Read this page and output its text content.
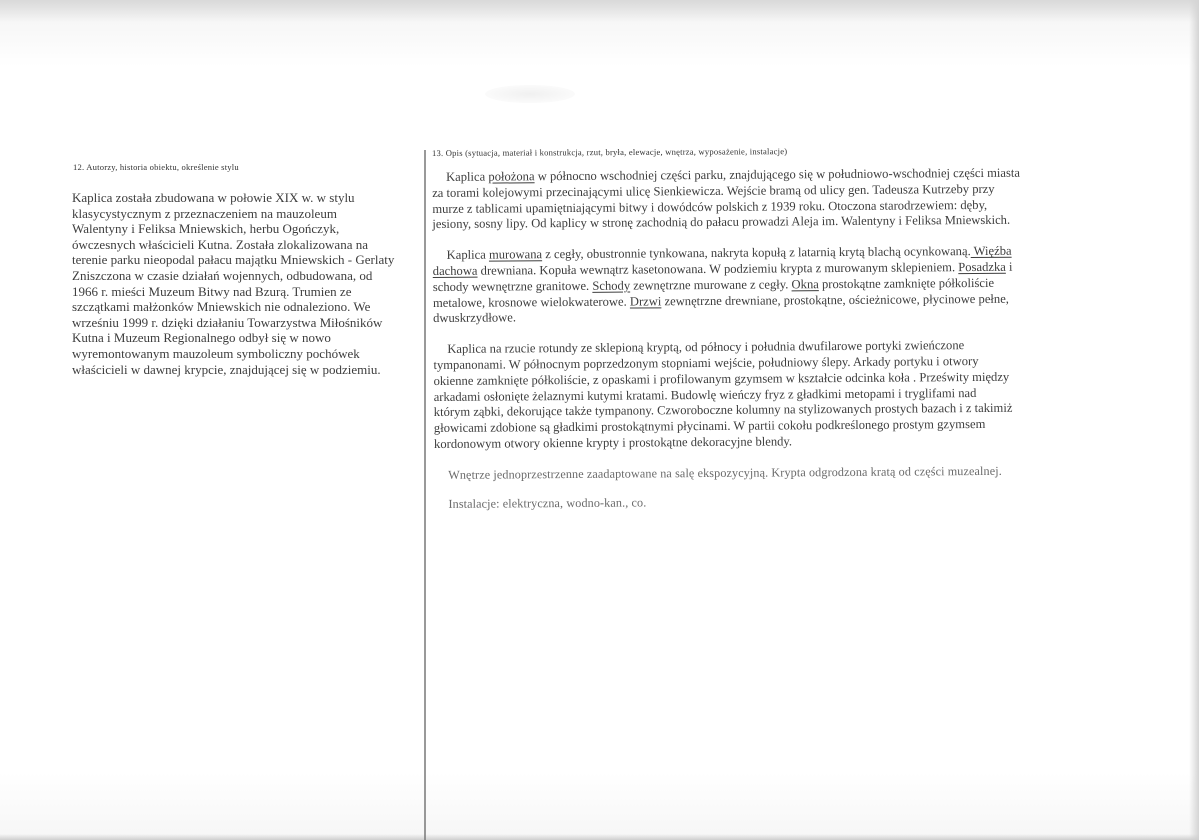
12. Autorzy, historia obiektu, określenie stylu
Kaplica została zbudowana w połowie XIX w. w stylu
klasycystycznym z przeznaczeniem na mauzoleum
Walentyny i Feliksa Mniewskich, herbu Ogończyk,
ówczesnych właścicieli Kutna. Została zlokalizowana na
terenie parku nieopodal pałacu majątku Mniewskich - Gerlaty
Zniszczona w czasie działań wojennych, odbudowana, od
1966 r. mieści Muzeum Bitwy nad Bzurą. Trumien ze
szczątkami małżonków Mniewskich nie odnaleziono. We
wrześniu 1999 r. dzięki działaniu Towarzystwa Miłośników
Kutna i Muzeum Regionalnego odbył się w nowo
wyremontowanym mauzoleum symboliczny pochówek
właścicieli w dawnej krypcie, znajdującej się w podziemiu.
13. Opis (sytuacja, materiał i konstrukcja, rzut, bryła, elewacje, wnętrza, wyposażenie, instalacje)
Kaplica położona w północno wschodniej części parku, znajdującego się w południowo-wschodniej części miasta
za torami kolejowymi przecinającymi ulicę Sienkiewicza. Wejście bramą od ulicy gen. Tadeusza Kutrzeby przy
murze z tablicami upamiętniającymi bitwy i dowódców polskich z 1939 roku. Otoczona starodrzewiem: dęby,
jesiony, sosny lipy. Od kaplicy w stronę zachodnią do pałacu prowadzi Aleja im. Walentyny i Feliksa Mniewskich.
Kaplica murowana z cegły, obustronnie tynkowana, nakryta kopułą z latarnią krytą blachą ocynkowaną. Więźba
dachowa drewniana. Kopuła wewnątrz kasetonowana. W podziemiu krypta z murowanym sklepieniem. Posadzka i
schody wewnętrzne granitowe. Schody zewnętrzne murowane z cegły. Okna prostokątne zamknięte półkoliście
metalowe, krosnowe wielokwaterowe. Drzwi zewnętrzne drewniane, prostokątne, ościeżnicowe, płycinowe pełne,
dwuskrzydłowe.
Kaplica na rzucie rotundy ze sklepioną kryptą, od północy i południa dwufilarowe portyki zwieńczone
tympanonami. W północnym poprzedzonym stopniami wejście, południowy ślepy. Arkady portyku i otwory
okienne zamknięte półkoliście, z opaskami i profilowanym gzymsem w kształcie odcinka koła . Prześwity między
arkadami osłonięte żelaznymi kutymi kratami. Budowlę wieńczy fryz z gładkimi metopami i tryglifami nad
którym ząbki, dekorujące także tympanony. Czworoboczne kolumny na stylizowanych prostych bazach i z takimiż
głowicami zdobione są gładkimi prostokątnymi płycinami. W partii cokołu podkreślonego prostym gzymsem
kordonowym otwory okienne krypty i prostokątne dekoracyjne blendy.
Wnętrze jednoprzestrzenne zaadaptowane na salę ekspozycyjną. Krypta odgrodzona kratą od części muzealnej.
Instalacje: elektryczna, wodno-kan., co.
